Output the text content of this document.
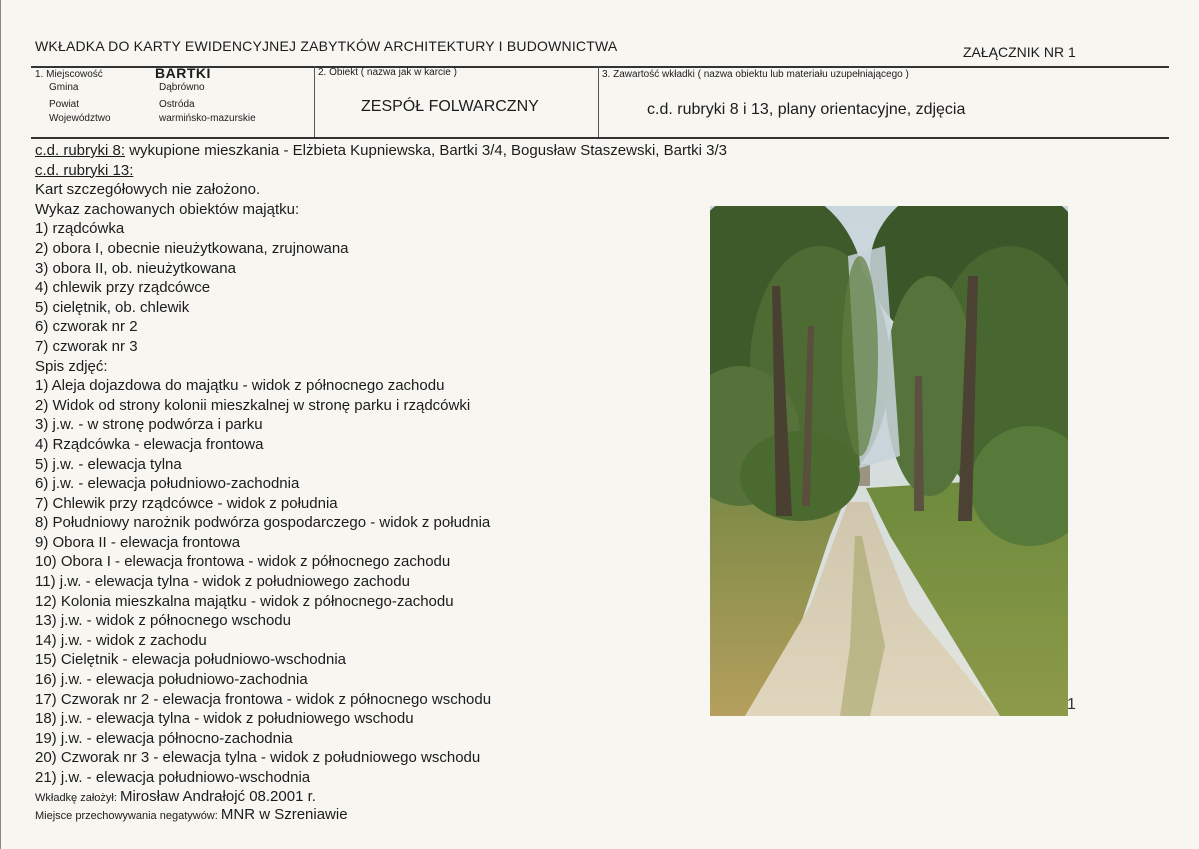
WKŁADKA DO KARTY EWIDENCYJNEJ ZABYTKÓW ARCHITEKTURY I BUDOWNICTWA	ZAŁĄCZNIK NR 1
1. Miejscowość	BARTKI
Gmina	Dąbrówno
Powiat	Ostróda
Województwo	warmińsko-mazurskie
2. Obiekt ( nazwa jak w karcie )
ZESPÓŁ FOLWARCZNY
3. Zawartość wkładki ( nazwa obiektu lub materiału uzupełniającego )
c.d. rubryki 8 i 13, plany orientacyjne, zdjęcia
c.d. rubryki 8: wykupione mieszkania - Elżbieta Kupniewska, Bartki 3/4, Bogusław Staszewski, Bartki 3/3
c.d. rubryki 13:
Kart szczegółowych nie założono.
Wykaz zachowanych obiektów majątku:
1) rządcówka
2) obora I, obecnie nieużytkowana, zrujnowana
3) obora II, ob. nieużytkowana
4) chlewik przy rządcówce
5) cielętnik, ob. chlewik
6) czworak nr 2
7) czworak nr 3
Spis zdjęć:
1) Aleja dojazdowa do majątku - widok z północnego zachodu
2) Widok od strony kolonii mieszkalnej w stronę parku i rządcówki
3) j.w. - w stronę podwórza i parku
4) Rządcówka - elewacja frontowa
5) j.w. - elewacja tylna
6) j.w. - elewacja południowo-zachodnia
7) Chlewik przy rządcówce - widok z południa
8) Południowy narożnik podwórza gospodarczego - widok z południa
9) Obora II - elewacja frontowa
10) Obora I - elewacja frontowa - widok z północnego zachodu
11) j.w. - elewacja tylna - widok z południowego zachodu
12) Kolonia mieszkalna majątku - widok z północnego-zachodu
13) j.w. - widok z północnego wschodu
14) j.w. - widok z zachodu
15) Cielętnik - elewacja południowo-wschodnia
16) j.w. - elewacja południowo-zachodnia
17) Czworak nr 2 - elewacja frontowa - widok z północnego wschodu
18) j.w. - elewacja tylna - widok z południowego wschodu
19) j.w. - elewacja północno-zachodnia
20) Czworak nr 3 - elewacja tylna - widok z południowego wschodu
21) j.w. - elewacja południowo-wschodnia
Wkładkę założył: Mirosław Andrałojć 08.2001 r.
Miejsce przechowywania negatywów: MNR w Szreniawie
1
